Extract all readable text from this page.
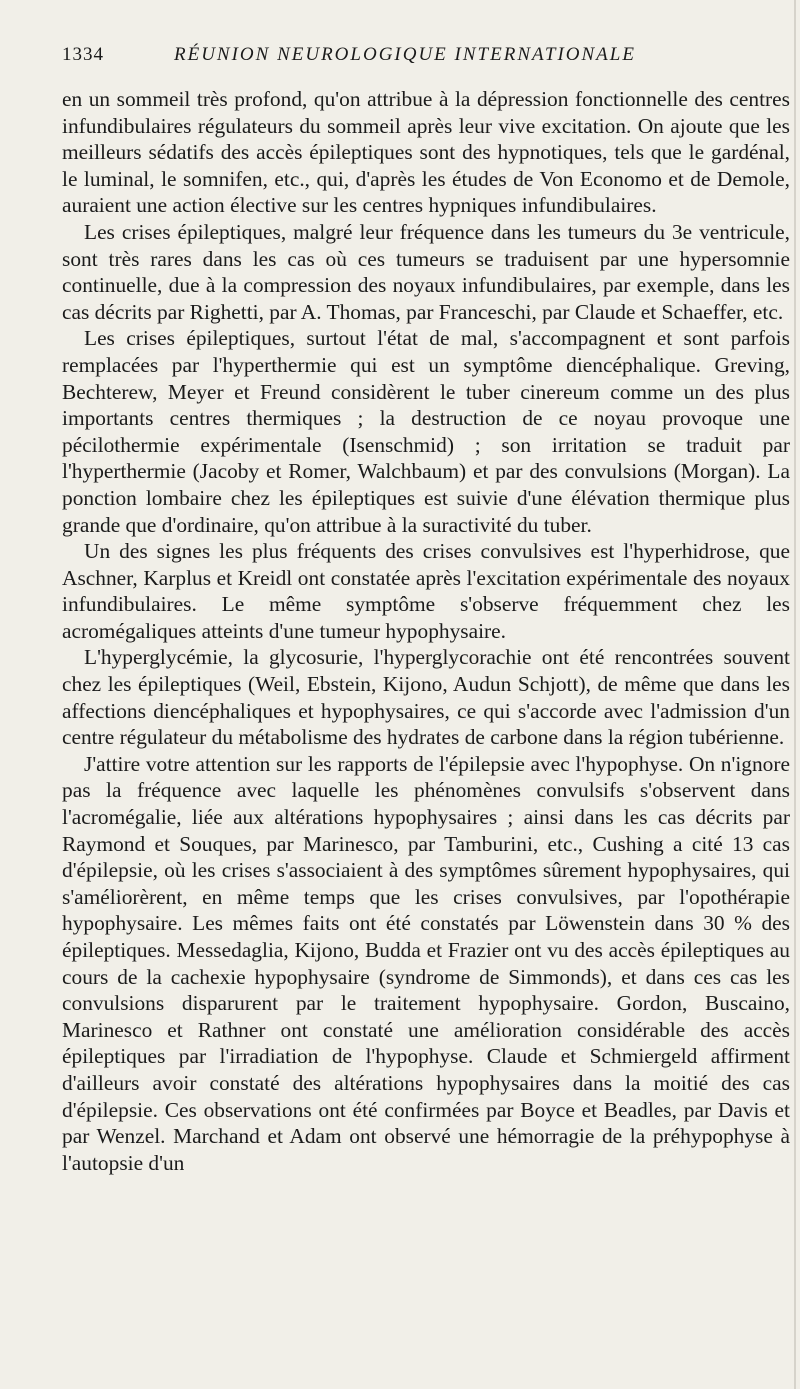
1334	RÉUNION NEUROLOGIQUE INTERNATIONALE

en un sommeil très profond, qu'on attribue à la dépression fonctionnelle des centres infundibulaires régulateurs du sommeil après leur vive excitation. On ajoute que les meilleurs sédatifs des accès épileptiques sont des hypnotiques, tels que le gardénal, le luminal, le somnifen, etc., qui, d'après les études de Von Economo et de Demole, auraient une action élective sur les centres hypniques infundibulaires.

Les crises épileptiques, malgré leur fréquence dans les tumeurs du 3e ventricule, sont très rares dans les cas où ces tumeurs se traduisent par une hypersomnie continuelle, due à la compression des noyaux infundibulaires, par exemple, dans les cas décrits par Righetti, par A. Thomas, par Franceschi, par Claude et Schaeffer, etc.

Les crises épileptiques, surtout l'état de mal, s'accompagnent et sont parfois remplacées par l'hyperthermie qui est un symptôme diencéphalique. Greving, Bechterew, Meyer et Freund considèrent le tuber cinereum comme un des plus importants centres thermiques ; la destruction de ce noyau provoque une pécilothermie expérimentale (Isenschmid) ; son irritation se traduit par l'hyperthermie (Jacoby et Romer, Walchbaum) et par des convulsions (Morgan). La ponction lombaire chez les épileptiques est suivie d'une élévation thermique plus grande que d'ordinaire, qu'on attribue à la suractivité du tuber.

Un des signes les plus fréquents des crises convulsives est l'hyperhidrose, que Aschner, Karplus et Kreidl ont constatée après l'excitation expérimentale des noyaux infundibulaires. Le même symptôme s'observe fréquemment chez les acromégaliques atteints d'une tumeur hypophysaire.

L'hyperglycémie, la glycosurie, l'hyperglycorachie ont été rencontrées souvent chez les épileptiques (Weil, Ebstein, Kijono, Audun Schjott), de même que dans les affections diencéphaliques et hypophysaires, ce qui s'accorde avec l'admission d'un centre régulateur du métabolisme des hydrates de carbone dans la région tubérienne.

J'attire votre attention sur les rapports de l'épilepsie avec l'hypophyse. On n'ignore pas la fréquence avec laquelle les phénomènes convulsifs s'observent dans l'acromégalie, liée aux altérations hypophysaires ; ainsi dans les cas décrits par Raymond et Souques, par Marinesco, par Tamburini, etc., Cushing a cité 13 cas d'épilepsie, où les crises s'associaient à des symptômes sûrement hypophysaires, qui s'améliorèrent, en même temps que les crises convulsives, par l'opothérapie hypophysaire. Les mêmes faits ont été constatés par Löwenstein dans 30 % des épileptiques. Messedaglia, Kijono, Budda et Frazier ont vu des accès épileptiques au cours de la cachexie hypophysaire (syndrome de Simmonds), et dans ces cas les convulsions disparurent par le traitement hypophysaire. Gordon, Buscaino, Marinesco et Rathner ont constaté une amélioration considérable des accès épileptiques par l'irradiation de l'hypophyse. Claude et Schmiergeld affirment d'ailleurs avoir constaté des altérations hypophysaires dans la moitié des cas d'épilepsie. Ces observations ont été confirmées par Boyce et Beadles, par Davis et par Wenzel. Marchand et Adam ont observé une hémorragie de la préhypophyse à l'autopsie d'un
